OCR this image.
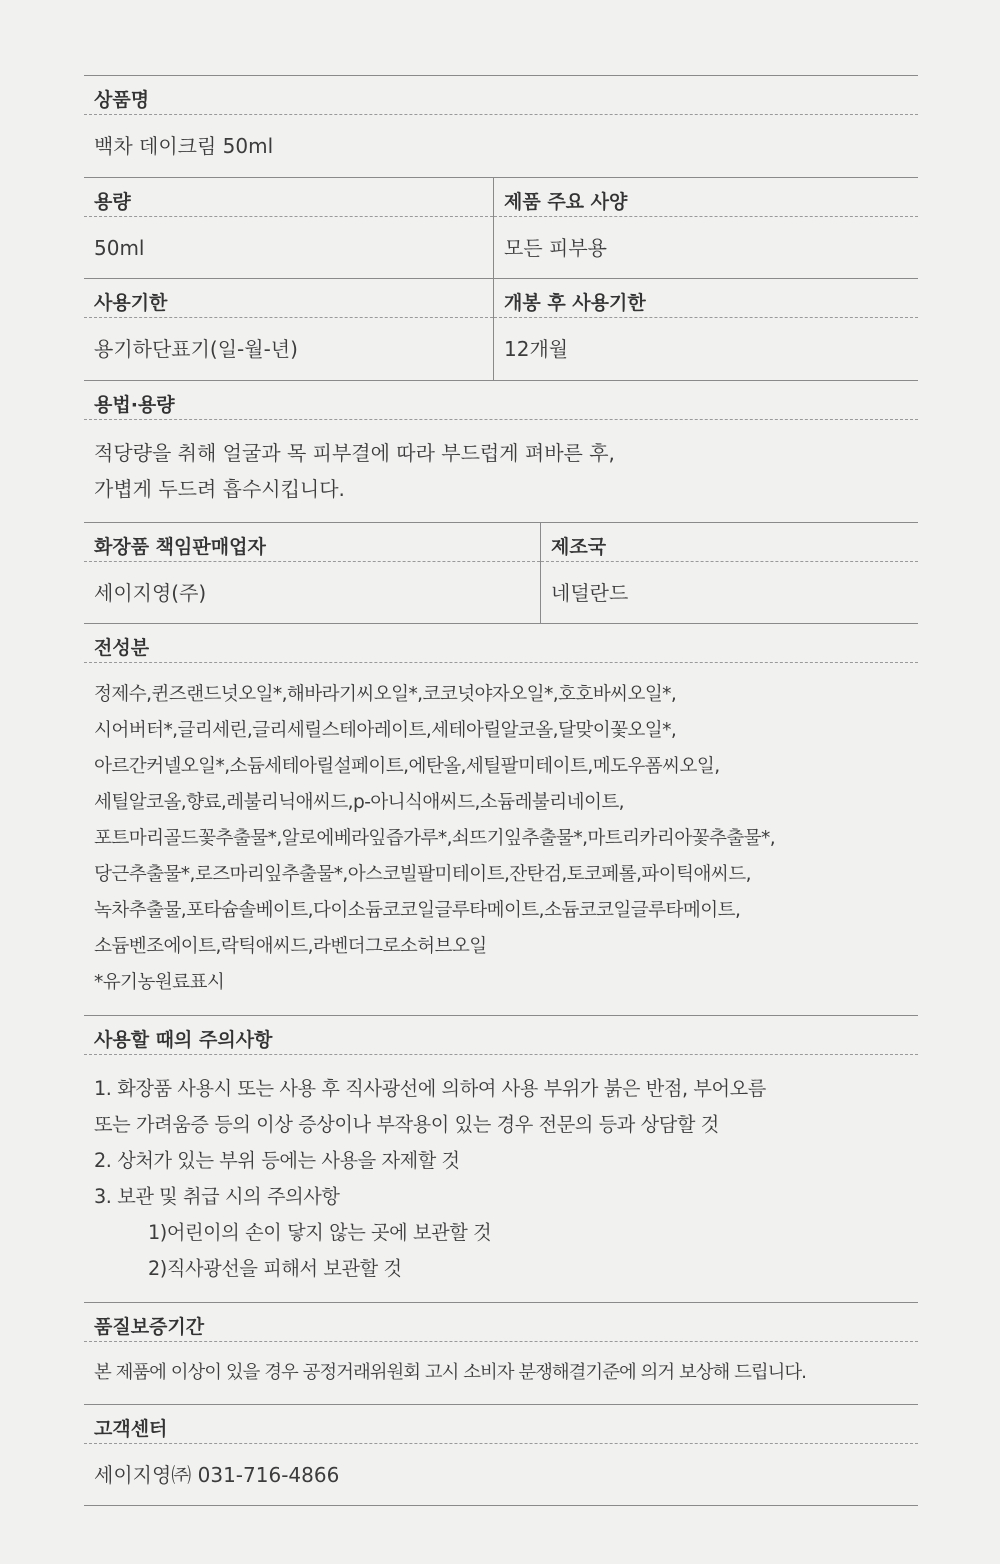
상품명
백차 데이크림 50ml
용량
50ml
제품 주요 사양
모든 피부용
사용기한
용기하단표기(일-월-년)
개봉 후 사용기한
12개월
용법·용량
적당량을 취해 얼굴과 목 피부결에 따라 부드럽게 펴바른 후,
가볍게 두드려 흡수시킵니다.
화장품 책임판매업자
세이지영(주)
제조국
네덜란드
전성분
정제수,퀸즈랜드넛오일*,해바라기씨오일*,코코넛야자오일*,호호바씨오일*,
시어버터*,글리세린,글리세릴스테아레이트,세테아릴알코올,달맞이꽃오일*,
아르간커넬오일*,소듐세테아릴설페이트,에탄올,세틸팔미테이트,메도우폼씨오일,
세틸알코올,향료,레불리닉애씨드,p-아니식애씨드,소듐레불리네이트,
포트마리골드꽃추출물*,알로에베라잎즙가루*,쇠뜨기잎추출물*,마트리카리아꽃추출물*,
당근추출물*,로즈마리잎추출물*,아스코빌팔미테이트,잔탄검,토코페롤,파이틱애씨드,
녹차추출물,포타슘솔베이트,다이소듐코코일글루타메이트,소듐코코일글루타메이트,
소듐벤조에이트,락틱애씨드,라벤더그로소허브오일
*유기농원료표시
사용할 때의 주의사항
1. 화장품 사용시 또는 사용 후 직사광선에 의하여 사용 부위가 붉은 반점, 부어오름
또는 가려움증 등의 이상 증상이나 부작용이 있는 경우 전문의 등과 상담할 것
2. 상처가 있는 부위 등에는 사용을 자제할 것
3. 보관 및 취급 시의 주의사항
1)어린이의 손이 닿지 않는 곳에 보관할 것
2)직사광선을 피해서 보관할 것
품질보증기간
본 제품에 이상이 있을 경우 공정거래위원회 고시 소비자 분쟁해결기준에 의거 보상해 드립니다.
고객센터
세이지영㈜ 031-716-4866
